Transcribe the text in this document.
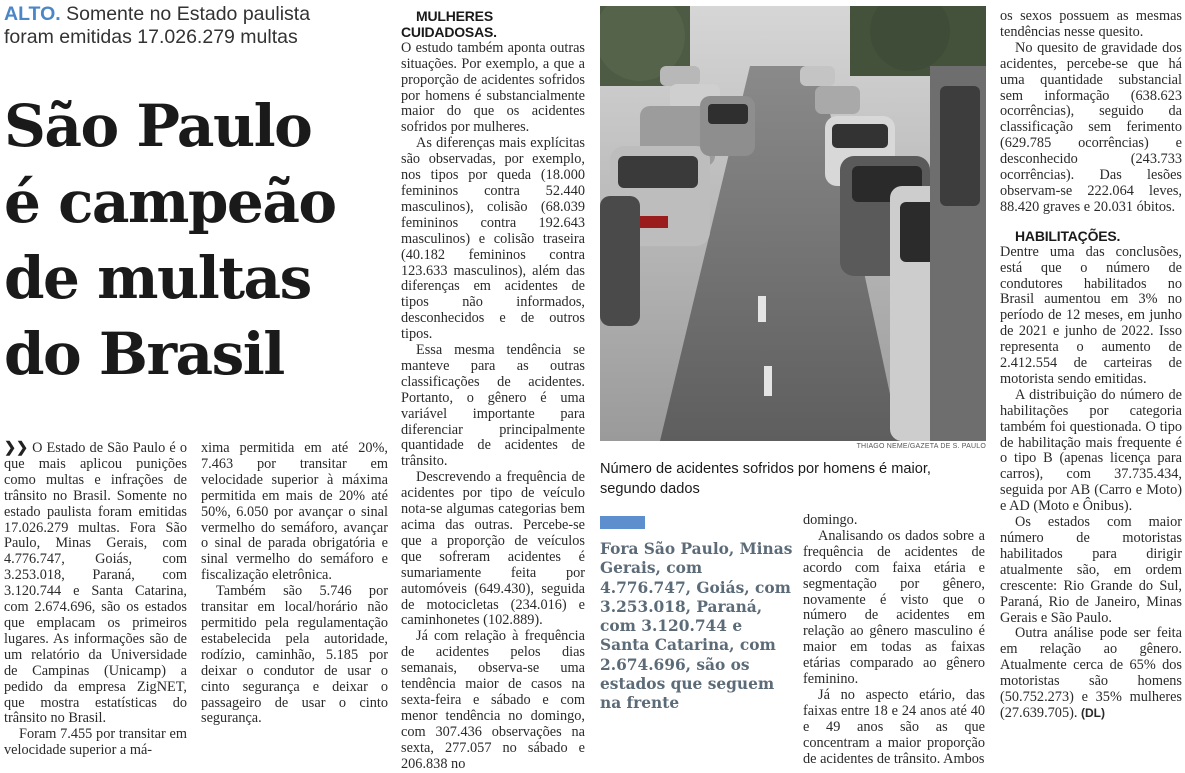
ALTO. Somente no Estado paulista
foram emitidas 17.026.279 multas
São Paulo
é campeão
de multas
do Brasil

❯❯ O Estado de São Paulo é o que mais aplicou punições como multas e infrações de trânsito no Brasil. Somente no estado paulista foram emitidas 17.026.279 multas. Fora São Paulo, Minas Gerais, com 4.776.747, Goiás, com 3.253.018, Paraná, com 3.120.744 e Santa Catarina, com 2.674.696, são os estados que emplacam os primeiros lugares. As informações são de um relatório da Universidade de Campinas (Unicamp) a pedido da empresa ZigNET, que mostra estatísticas do trânsito no Brasil.

Foram 7.455 por transitar em velocidade superior a má-

xima permitida em até 20%, 7.463 por transitar em velocidade superior à máxima permitida em mais de 20% até 50%, 6.050 por avançar o sinal vermelho do semáforo, avançar o sinal de parada obrigatória e sinal vermelho do semáforo e fiscalização eletrônica.

Também são 5.746 por transitar em local/horário não permitido pela regulamentação estabelecida pela autoridade, rodízio, caminhão, 5.185 por deixar o condutor de usar o cinto segurança e deixar o passageiro de usar o cinto segurança.

MULHERES CUIDADOSAS.

O estudo também aponta outras situações. Por exemplo, a que a proporção de acidentes sofridos por homens é substancialmente maior do que os acidentes sofridos por mulheres.

As diferenças mais explícitas são observadas, por exemplo, nos tipos por queda (18.000 femininos contra 52.440 masculinos), colisão (68.039 femininos contra 192.643 masculinos) e colisão traseira (40.182 femininos contra 123.633 masculinos), além das diferenças em acidentes de tipos não informados, desconhecidos e de outros tipos.

Essa mesma tendência se manteve para as outras classificações de acidentes. Portanto, o gênero é uma variável importante para diferenciar principalmente quantidade de acidentes de trânsito.

Descrevendo a frequência de acidentes por tipo de veículo nota-se algumas categorias bem acima das outras. Percebe-se que a proporção de veículos que sofreram acidentes é sumariamente feita por automóveis (649.430), seguida de motocicletas (234.016) e caminhonetes (102.889).

Já com relação à frequência de acidentes pelos dias semanais, observa-se uma tendência maior de casos na sexta-feira e sábado e com menor tendência no domingo, com 307.436 observações na sexta, 277.057 no sábado e 206.838 no

THIAGO NEME/GAZETA DE S. PAULO
Número de acidentes sofridos por homens é maior, segundo dados
Fora São Paulo, Minas Gerais, com 4.776.747, Goiás, com 3.253.018, Paraná, com 3.120.744 e Santa Catarina, com 2.674.696, são os estados que seguem na frente

domingo.

Analisando os dados sobre a frequência de acidentes de acordo com faixa etária e segmentação por gênero, novamente é visto que o número de acidentes em relação ao gênero masculino é maior em todas as faixas etárias comparado ao gênero feminino.

Já no aspecto etário, das faixas entre 18 e 24 anos até 40 e 49 anos são as que concentram a maior proporção de acidentes de trânsito. Ambos

os sexos possuem as mesmas tendências nesse quesito.

No quesito de gravidade dos acidentes, percebe-se que há uma quantidade substancial sem informação (638.623 ocorrências), seguido da classificação sem ferimento (629.785 ocorrências) e desconhecido (243.733 ocorrências). Das lesões observam-se 222.064 leves, 88.420 graves e 20.031 óbitos.

HABILITAÇÕES.

Dentre uma das conclusões, está que o número de condutores habilitados no Brasil aumentou em 3% no período de 12 meses, em junho de 2021 e junho de 2022. Isso representa o aumento de 2.412.554 de carteiras de motorista sendo emitidas.

A distribuição do número de habilitações por categoria também foi questionada. O tipo de habilitação mais frequente é o tipo B (apenas licença para carros), com 37.735.434, seguida por AB (Carro e Moto) e AD (Moto e Ônibus).

Os estados com maior número de motoristas habilitados para dirigir atualmente são, em ordem crescente: Rio Grande do Sul, Paraná, Rio de Janeiro, Minas Gerais e São Paulo.

Outra análise pode ser feita em relação ao gênero. Atualmente cerca de 65% dos motoristas são homens (50.752.273) e 35% mulheres (27.639.705). (DL)
